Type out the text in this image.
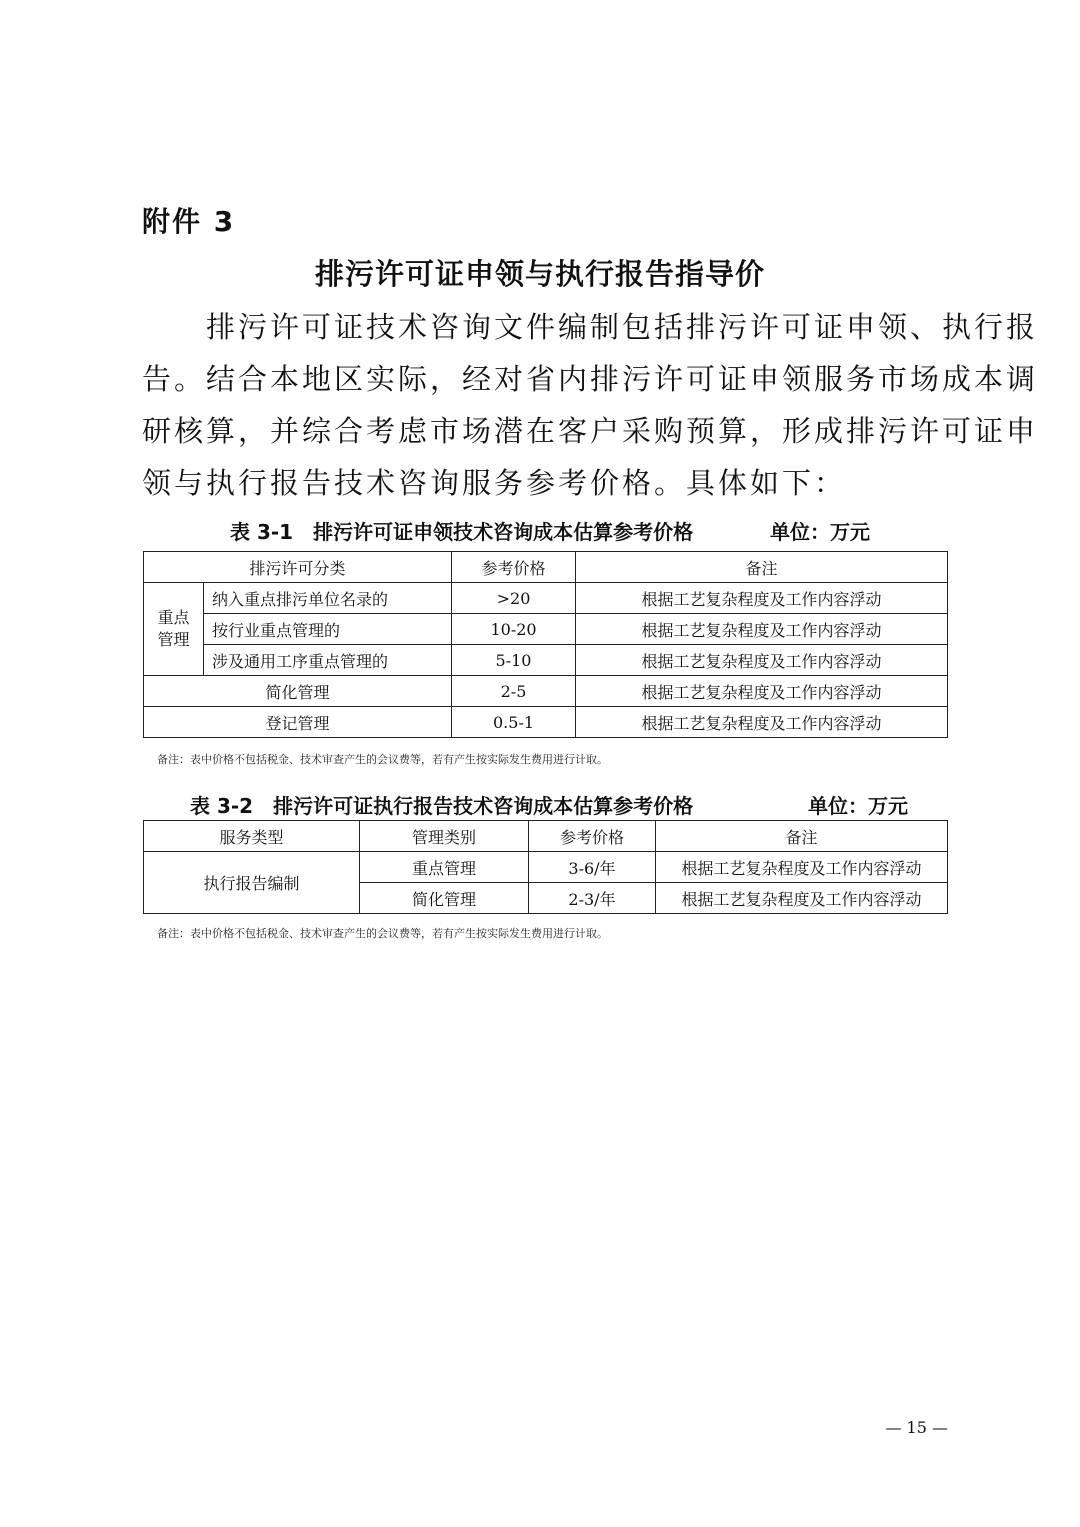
附件 3
排污许可证申领与执行报告指导价
　　排污许可证技术咨询文件编制包括排污许可证申领、执行报
告。结合本地区实际，经对省内排污许可证申领服务市场成本调
研核算，并综合考虑市场潜在客户采购预算，形成排污许可证申
领与执行报告技术咨询服务参考价格。具体如下：
表 3-1　排污许可证申领技术咨询成本估算参考价格	单位：万元
排污许可分类		参考价格	备注
重点管理	纳入重点排污单位名录的	>20	根据工艺复杂程度及工作内容浮动
	按行业重点管理的	10-20	根据工艺复杂程度及工作内容浮动
	涉及通用工序重点管理的	5-10	根据工艺复杂程度及工作内容浮动
简化管理		2-5	根据工艺复杂程度及工作内容浮动
登记管理		0.5-1	根据工艺复杂程度及工作内容浮动
备注：表中价格不包括税金、技术审查产生的会议费等，若有产生按实际发生费用进行计取。
表 3-2　排污许可证执行报告技术咨询成本估算参考价格	单位：万元
服务类型	管理类别	参考价格	备注
执行报告编制	重点管理	3-6/年	根据工艺复杂程度及工作内容浮动
	简化管理	2-3/年	根据工艺复杂程度及工作内容浮动
备注：表中价格不包括税金、技术审查产生的会议费等，若有产生按实际发生费用进行计取。
— 15 —
